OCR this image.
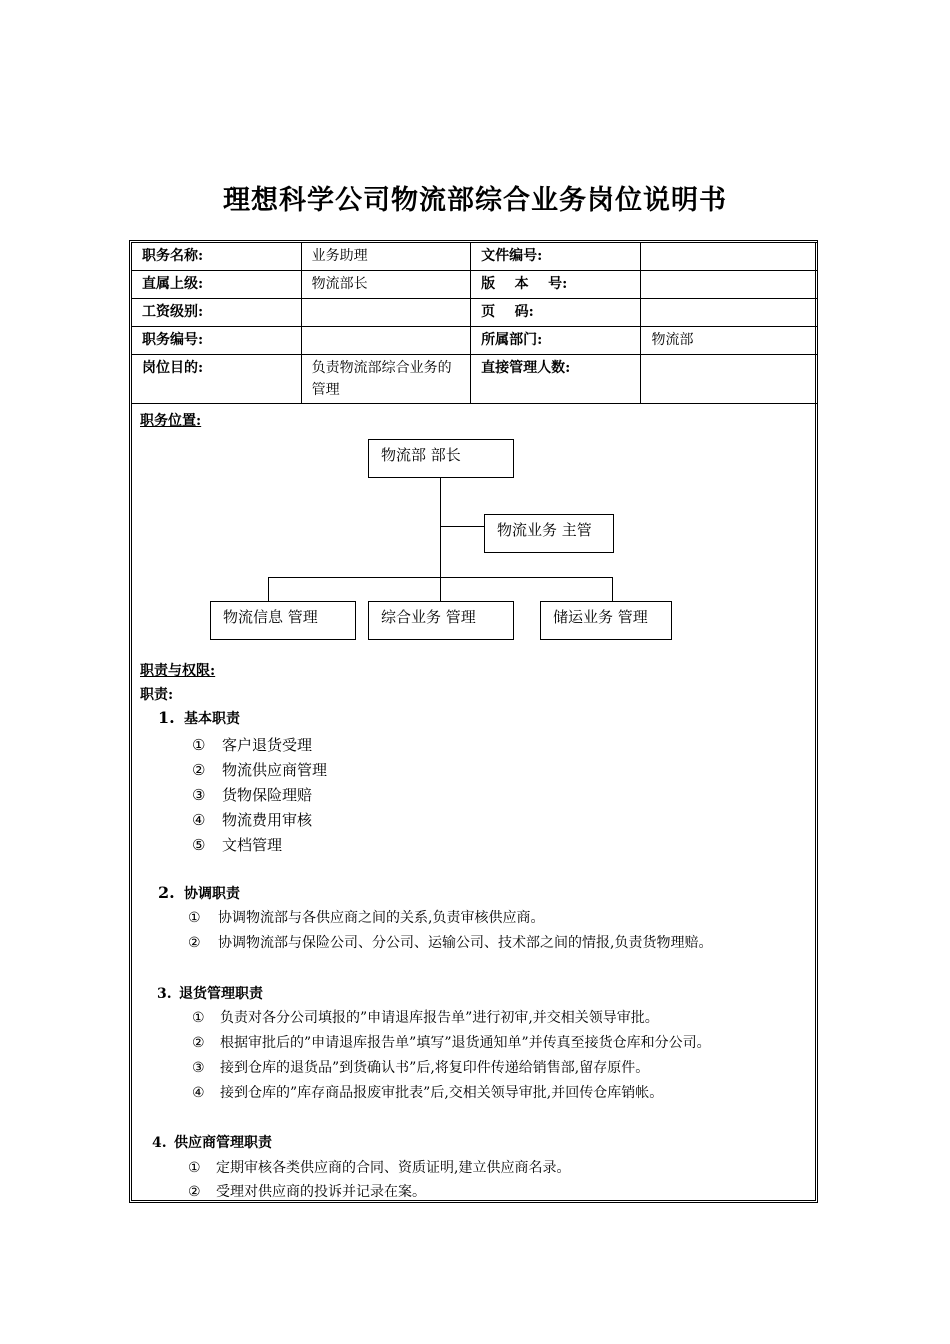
理想科学公司物流部综合业务岗位说明书
职务名称:	业务助理	文件编号:	
直属上级:	物流部长	版    本    号:	
工资级别:		页    码:	
职务编号:		所属部门:	物流部
岗位目的:	负责物流部综合业务的管理	直接管理人数:	
职务位置:
物流部 部长
物流业务 主管
物流信息 管理	综合业务 管理	储运业务 管理
职责与权限:
职责:
1. 基本职责
① 客户退货受理
② 物流供应商管理
③ 货物保险理赔
④ 物流费用审核
⑤ 文档管理
2. 协调职责
① 协调物流部与各供应商之间的关系,负责审核供应商。
② 协调物流部与保险公司、分公司、运输公司、技术部之间的情报,负责货物理赔。
3. 退货管理职责
① 负责对各分公司填报的”申请退库报告单”进行初审,并交相关领导审批。
② 根据审批后的”申请退库报告单”填写”退货通知单”并传真至接货仓库和分公司。
③ 接到仓库的退货品”到货确认书”后,将复印件传递给销售部,留存原件。
④ 接到仓库的”库存商品报废审批表”后,交相关领导审批,并回传仓库销帐。
4. 供应商管理职责
① 定期审核各类供应商的合同、资质证明,建立供应商名录。
② 受理对供应商的投诉并记录在案。
